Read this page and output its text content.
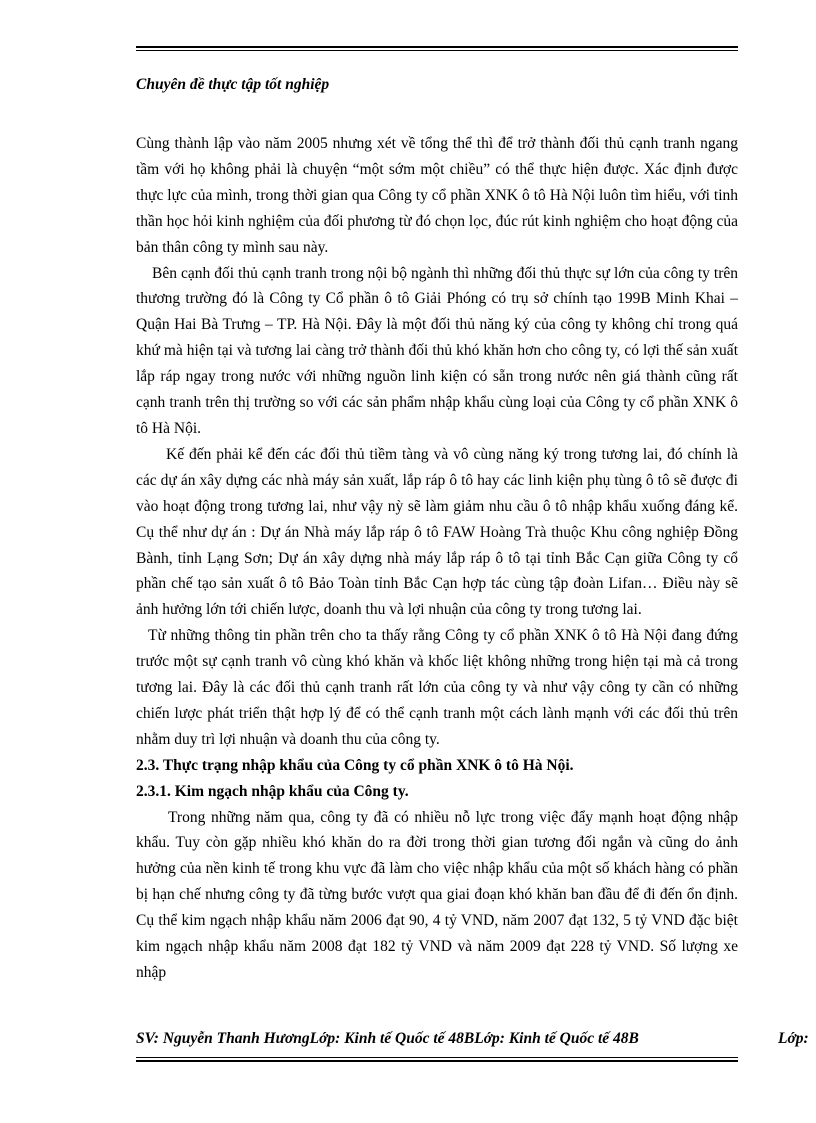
Chuyên đề thực tập tốt nghiệp

Cùng thành lập vào năm 2005 nhưng xét về tổng thể thì để trở thành đối thủ cạnh tranh ngang tầm với họ không phải là chuyện “một sớm một chiều” có thể thực hiện được. Xác định được thực lực của mình, trong thời gian qua Công ty cổ phần XNK ô tô Hà Nội luôn tìm hiểu, với tinh thần học hỏi kinh nghiệm của đối phương từ đó chọn lọc, đúc rút kinh nghiệm cho hoạt động của bản thân công ty mình sau này.

Bên cạnh đối thủ cạnh tranh trong nội bộ ngành thì những đối thủ thực sự lớn của công ty trên thương trường đó là Công ty Cổ phần ô tô Giải Phóng có trụ sở chính tạo 199B Minh Khai – Quận Hai Bà Trưng – TP. Hà Nội. Đây là một đối thủ năng ký của công ty không chỉ trong quá khứ mà hiện tại và tương lai càng trở thành đối thủ khó khăn hơn cho công ty, có lợi thế sản xuất lắp ráp ngay trong nước với những nguồn linh kiện có sẵn trong nước nên giá thành cũng rất cạnh tranh trên thị trường so với các sản phẩm nhập khẩu cùng loại của Công ty cổ phần XNK ô tô Hà Nội.

Kế đến phải kể đến các đối thủ tiềm tàng và vô cùng năng ký trong tương lai, đó chính là các dự án xây dựng các nhà máy sản xuất, lắp ráp ô tô hay các linh kiện phụ tùng ô tô sẽ được đi vào hoạt động trong tương lai, như vậy nỳ sẽ làm giảm nhu cầu ô tô nhập khẩu xuống đáng kể. Cụ thể như dự án : Dự án Nhà máy lắp ráp ô tô FAW Hoàng Trà thuộc Khu công nghiệp Đồng Bành, tỉnh Lạng Sơn; Dự án xây dựng nhà máy lắp ráp ô tô tại tỉnh Bắc Cạn giữa Công ty cổ phần chế tạo sản xuất ô tô Bảo Toàn tỉnh Bắc Cạn hợp tác cùng tập đoàn Lifan… Điều này sẽ ảnh hưởng lớn tới chiến lược, doanh thu và lợi nhuận của công ty trong tương lai.

Từ những thông tin phần trên cho ta thấy rằng Công ty cổ phần XNK ô tô Hà Nội đang đứng trước một sự cạnh tranh vô cùng khó khăn và khốc liệt không những trong hiện tại mà cả trong tương lai. Đây là các đối thủ cạnh tranh rất lớn của công ty và như vậy công ty cần có những chiến lược phát triển thật hợp lý để có thể cạnh tranh một cách lành mạnh với các đối thủ trên nhằm duy trì lợi nhuận và doanh thu của công ty.

2.3. Thực trạng nhập khẩu của Công ty cổ phần XNK ô tô Hà Nội.

2.3.1. Kim ngạch nhập khẩu của Công ty.

Trong những năm qua, công ty đã có nhiều nỗ lực trong việc đẩy mạnh hoạt động nhập khẩu. Tuy còn gặp nhiều khó khăn do ra đời trong thời gian tương đối ngắn và cũng do ảnh hưởng của nền kinh tế trong khu vực đã làm cho việc nhập khẩu của một số khách hàng có phần bị hạn chế nhưng công ty đã từng bước vượt qua giai đoạn khó khăn ban đầu để đi đến ổn định. Cụ thể kim ngạch nhập khẩu năm 2006 đạt 90, 4 tỷ VND, năm 2007 đạt 132, 5 tỷ VND đặc biệt kim ngạch nhập khẩu năm 2008 đạt 182 tỷ VND và năm 2009 đạt 228 tỷ VND. Số lượng xe nhập

SV: Nguyễn Thanh HươngLớp: Kinh tế Quốc tế 48BLớp: Kinh tế Quốc tế 48B	Lớp:
